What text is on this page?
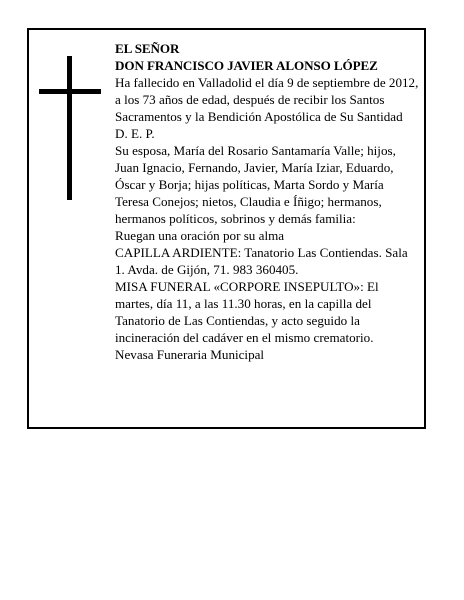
EL SEÑOR

DON FRANCISCO JAVIER ALONSO LÓPEZ

Ha fallecido en Valladolid el día 9 de septiembre de 2012, a los 73 años de edad, después de recibir los Santos Sacramentos y la Bendición Apostólica de Su Santidad

D. E. P.

Su esposa, María del Rosario Santamaría Valle; hijos, Juan Ignacio, Fernando, Javier, María Iziar, Eduardo, Óscar y Borja; hijas políticas, Marta Sordo y María Teresa Conejos; nietos, Claudia e Íñigo; hermanos, hermanos políticos, sobrinos y demás familia:

Ruegan una oración por su alma

CAPILLA ARDIENTE: Tanatorio Las Contiendas. Sala 1. Avda. de Gijón, 71. 983 360405.

MISA FUNERAL «CORPORE INSEPULTO»: El martes, día 11, a las 11.30 horas, en la capilla del Tanatorio de Las Contiendas, y acto seguido la incineración del cadáver en el mismo crematorio.

Nevasa Funeraria Municipal
